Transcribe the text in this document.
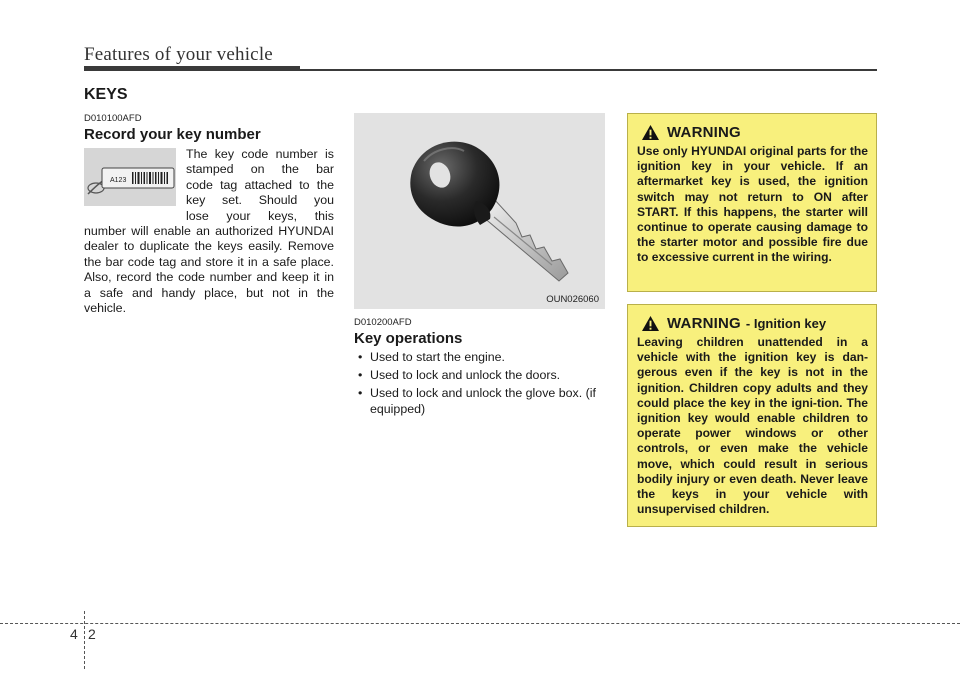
Features of your vehicle
KEYS
D010100AFD
Record your key number
A123
The key code number is
stamped on the bar
code tag attached to the
key set. Should you
lose your keys, this
number will enable an authorized HYUNDAI dealer to duplicate the keys easily. Remove the bar code tag and store it in a safe place. Also, record the code number and keep it in a safe and handy place, but not in the vehicle.
OUN026060
D010200AFD
Key operations
• Used to start the engine.
• Used to lock and unlock the doors.
• Used to lock and unlock the glove box. (if equipped)
WARNING
Use only HYUNDAI original parts for the ignition key in your vehicle. If an aftermarket key is used, the ignition switch may not return to ON after START. If this happens, the starter will continue to operate causing damage to the starter motor and possible fire due to excessive current in the wiring.
WARNING - Ignition key
Leaving children unattended in a vehicle with the ignition key is dan-gerous even if the key is not in the ignition. Children copy adults and they could place the key in the igni-tion. The ignition key would enable children to operate power windows or other controls, or even make the vehicle move, which could result in serious bodily injury or even death. Never leave the keys in your vehicle with unsupervised children.
4 2
